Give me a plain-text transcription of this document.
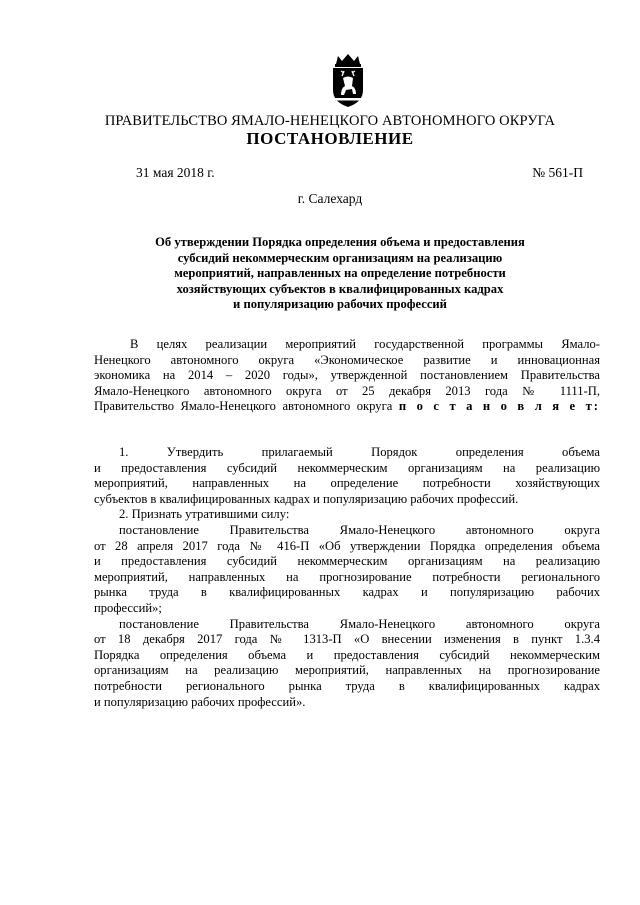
ПРАВИТЕЛЬСТВО ЯМАЛО-НЕНЕЦКОГО АВТОНОМНОГО ОКРУГА
ПОСТАНОВЛЕНИЕ
31 мая 2018 г.	№ 561-П
г. Салехард
Об утверждении Порядка определения объема и предоставления
субсидий некоммерческим организациям на реализацию
мероприятий, направленных на определение потребности
хозяйствующих субъектов в квалифицированных кадрах
и популяризацию рабочих профессий
В целях реализации мероприятий государственной программы Ямало-
Ненецкого автономного округа «Экономическое развитие и инновационная
экономика на 2014 – 2020 годы», утвержденной постановлением Правительства
Ямало-Ненецкого автономного округа от 25 декабря 2013 года № 1111-П,
Правительство Ямало-Ненецкого автономного округа п о с т а н о в л я е т:
1. Утвердить прилагаемый Порядок определения объема
и предоставления субсидий некоммерческим организациям на реализацию
мероприятий, направленных на определение потребности хозяйствующих
субъектов в квалифицированных кадрах и популяризацию рабочих профессий.
2. Признать утратившими силу:
постановление Правительства Ямало-Ненецкого автономного округа
от 28 апреля 2017 года № 416-П «Об утверждении Порядка определения объема
и предоставления субсидий некоммерческим организациям на реализацию
мероприятий, направленных на прогнозирование потребности регионального
рынка труда в квалифицированных кадрах и популяризацию рабочих
профессий»;
постановление Правительства Ямало-Ненецкого автономного округа
от 18 декабря 2017 года № 1313-П «О внесении изменения в пункт 1.3.4
Порядка определения объема и предоставления субсидий некоммерческим
организациям на реализацию мероприятий, направленных на прогнозирование
потребности регионального рынка труда в квалифицированных кадрах
и популяризацию рабочих профессий».
